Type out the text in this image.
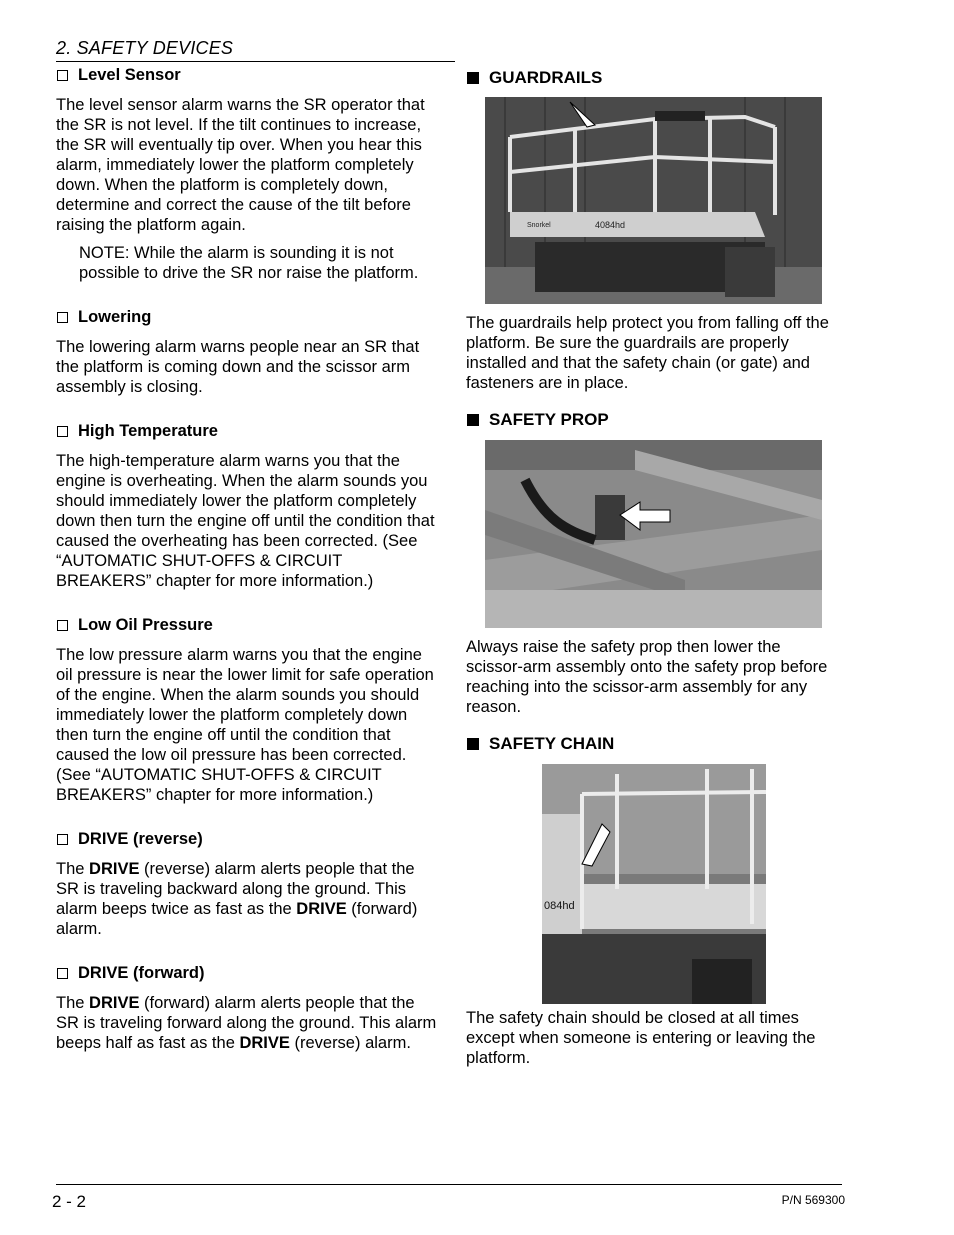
2. SAFETY DEVICES
Level Sensor

The level sensor alarm warns the SR operator that the SR is not level. If the tilt continues to increase, the SR will eventually tip over. When you hear this alarm, immediately lower the platform completely down. When the platform is completely down, determine and correct the cause of the tilt before raising the platform again.

NOTE: While the alarm is sounding it is not possible to drive the SR nor raise the platform.

Lowering

The lowering alarm warns people near an SR that the platform is coming down and the scissor arm assembly is closing.

High Temperature

The high-temperature alarm warns you that the engine is overheating. When the alarm sounds you should immediately lower the platform completely down then turn the engine off until the condition that caused the overheating has been corrected. (See “AUTOMATIC SHUT-OFFS & CIRCUIT BREAKERS” chapter for more information.)

Low Oil Pressure

The low pressure alarm warns you that the engine oil pressure is near the lower limit for safe operation of the engine. When the alarm sounds you should immediately lower the platform completely down then turn the engine off until the condition that caused the low oil pressure has been corrected. (See “AUTOMATIC SHUT-OFFS & CIRCUIT BREAKERS” chapter for more information.)

DRIVE (reverse)

The DRIVE (reverse) alarm alerts people that the SR is traveling backward along the ground. This alarm beeps twice as fast as the DRIVE (forward) alarm.

DRIVE (forward)

The DRIVE (forward) alarm alerts people that the SR is traveling forward along the ground. This alarm beeps half as fast as the DRIVE (reverse) alarm.

GUARDRAILS
Snorkel	4084hd

The guardrails help protect you from falling off the platform. Be sure the guardrails are properly installed and that the safety chain (or gate) and fasteners are in place.

SAFETY PROP

Always raise the safety prop then lower the scissor-arm assembly onto the safety prop before reaching into the scissor-arm assembly for any reason.

SAFETY CHAIN
084hd

The safety chain should be closed at all times except when someone is entering or leaving the platform.

2 - 2	P/N 569300
